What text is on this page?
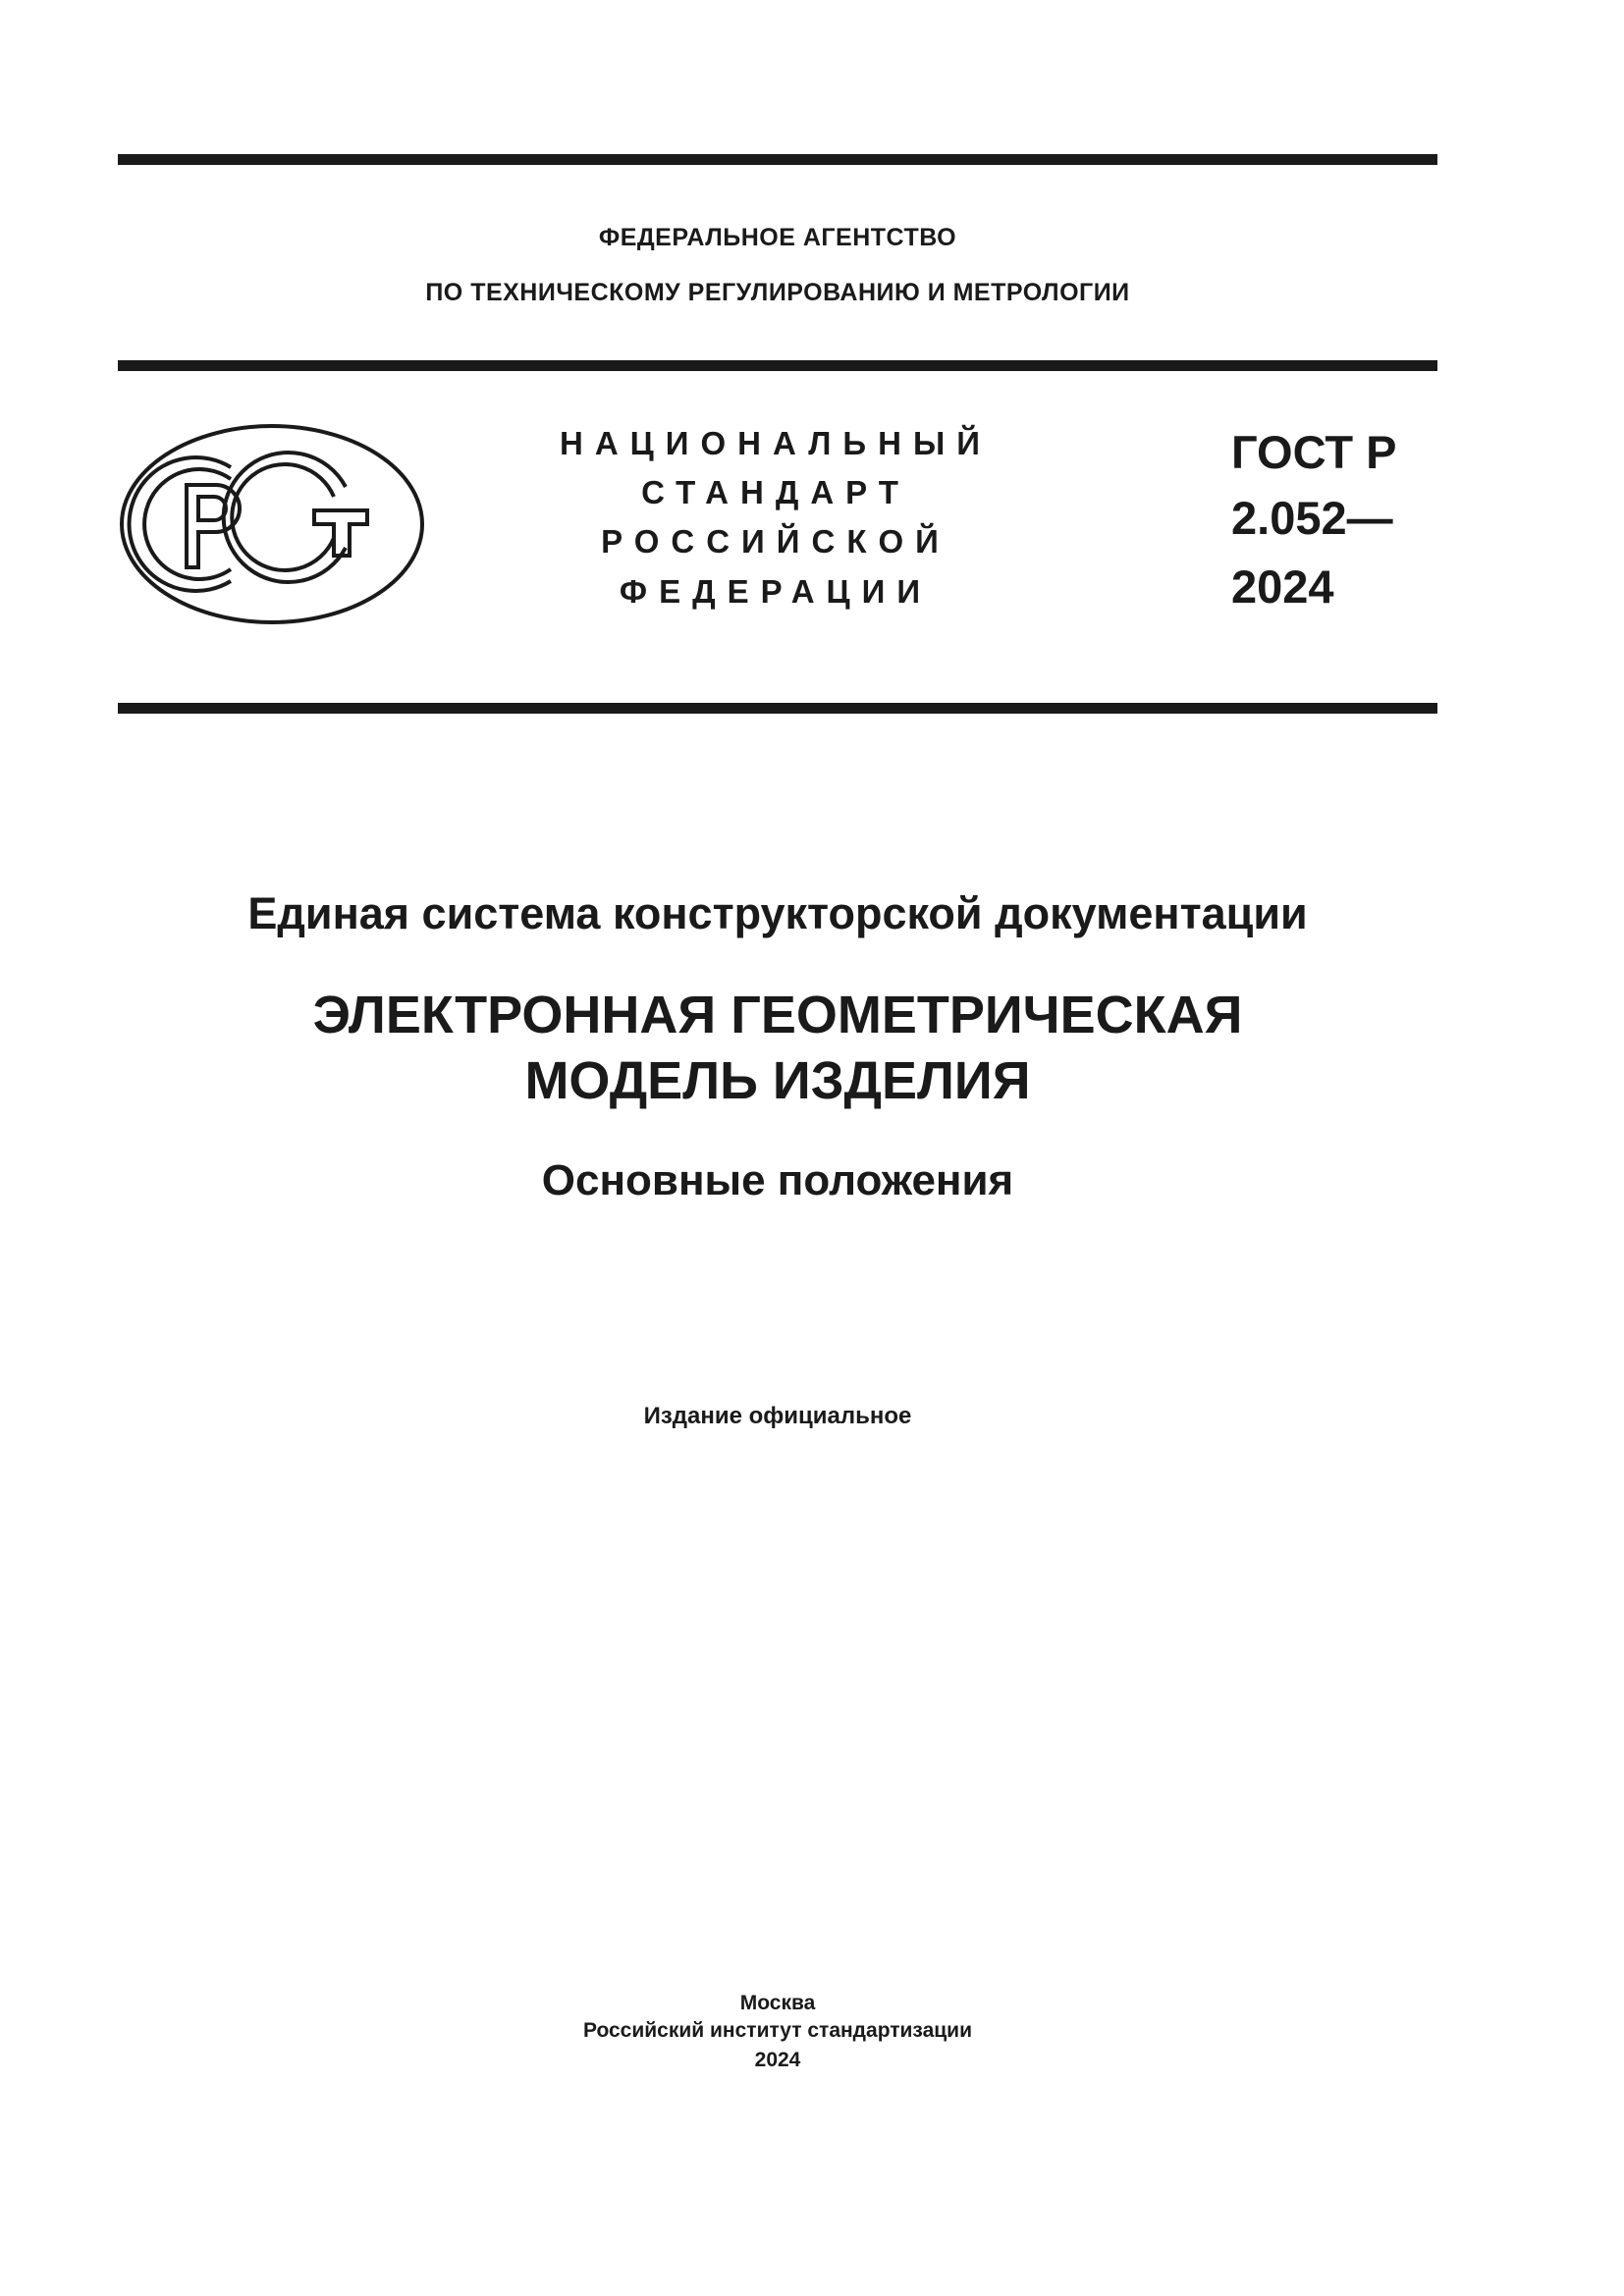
ФЕДЕРАЛЬНОЕ АГЕНТСТВО
ПО ТЕХНИЧЕСКОМУ РЕГУЛИРОВАНИЮ И МЕТРОЛОГИИ
НАЦИОНАЛЬНЫЙ
СТАНДАРТ
РОССИЙСКОЙ
ФЕДЕРАЦИИ
ГОСТ Р
2.052—
2024
Единая система конструкторской документации
ЭЛЕКТРОННАЯ ГЕОМЕТРИЧЕСКАЯ
МОДЕЛЬ ИЗДЕЛИЯ
Основные положения
Издание официальное
Москва
Российский институт стандартизации
2024
